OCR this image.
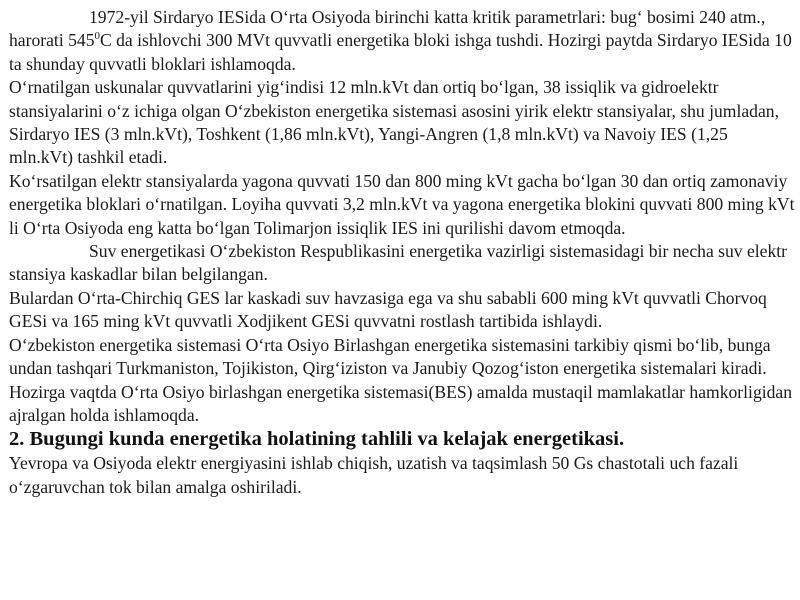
1972-yil Sirdaryo IESida O‘rta Osiyoda birinchi katta kritik parametrlari: bug‘ bosimi 240 atm., harorati $545^0C$ da ishlovchi 300 MVt quvvatli energetika bloki ishga tushdi. Hozirgi paytda Sirdaryo IESida 10 ta shunday quvvatli bloklari ishlamoqda.

O‘rnatilgan uskunalar quvvatlarini yig‘indisi 12 mln.kVt dan ortiq bo‘lgan, 38 issiqlik va gidroelektr stansiyalarini o‘z ichiga olgan O‘zbekiston energetika sistemasi asosini yirik elektr stansiyalar, shu jumladan, Sirdaryo IES (3 mln.kVt), Toshkent (1,86 mln.kVt), Yangi-Angren (1,8 mln.kVt) va Navoiy IES (1,25 mln.kVt) tashkil etadi.

Ko‘rsatilgan elektr stansiyalarda yagona quvvati 150 dan 800 ming kVt gacha bo‘lgan 30 dan ortiq zamonaviy energetika bloklari o‘rnatilgan. Loyiha quvvati 3,2 mln.kVt va yagona energetika blokini quvvati 800 ming kVt li O‘rta Osiyoda eng katta bo‘lgan Tolimarjon issiqlik IES ini qurilishi davom etmoqda.

Suv energetikasi O‘zbekiston Respublikasini energetika vazirligi sistemasidagi bir necha suv elektr stansiya kaskadlar bilan belgilangan.

Bulardan O‘rta-Chirchiq GES lar kaskadi suv havzasiga ega va shu sababli 600 ming kVt quvvatli Chorvoq GESi va 165 ming kVt quvvatli Xodjikent GESi quvvatni rostlash tartibida ishlaydi.

O‘zbekiston energetika sistemasi O‘rta Osiyo Birlashgan energetika sistemasini tarkibiy qismi bo‘lib, bunga undan tashqari Turkmaniston, Tojikiston, Qirg‘iziston va Janubiy Qozog‘iston energetika sistemalari kiradi. Hozirga vaqtda O‘rta Osiyo birlashgan energetika sistemasi(BES) amalda mustaqil mamlakatlar hamkorligidan ajralgan holda ishlamoqda.

2. Bugungi kunda energetika holatining tahlili va kelajak energetikasi.

Yevropa va Osiyoda elektr energiyasini ishlab chiqish, uzatish va taqsimlash 50 Gs chastotali uch fazali o‘zgaruvchan tok bilan amalga oshiriladi.
